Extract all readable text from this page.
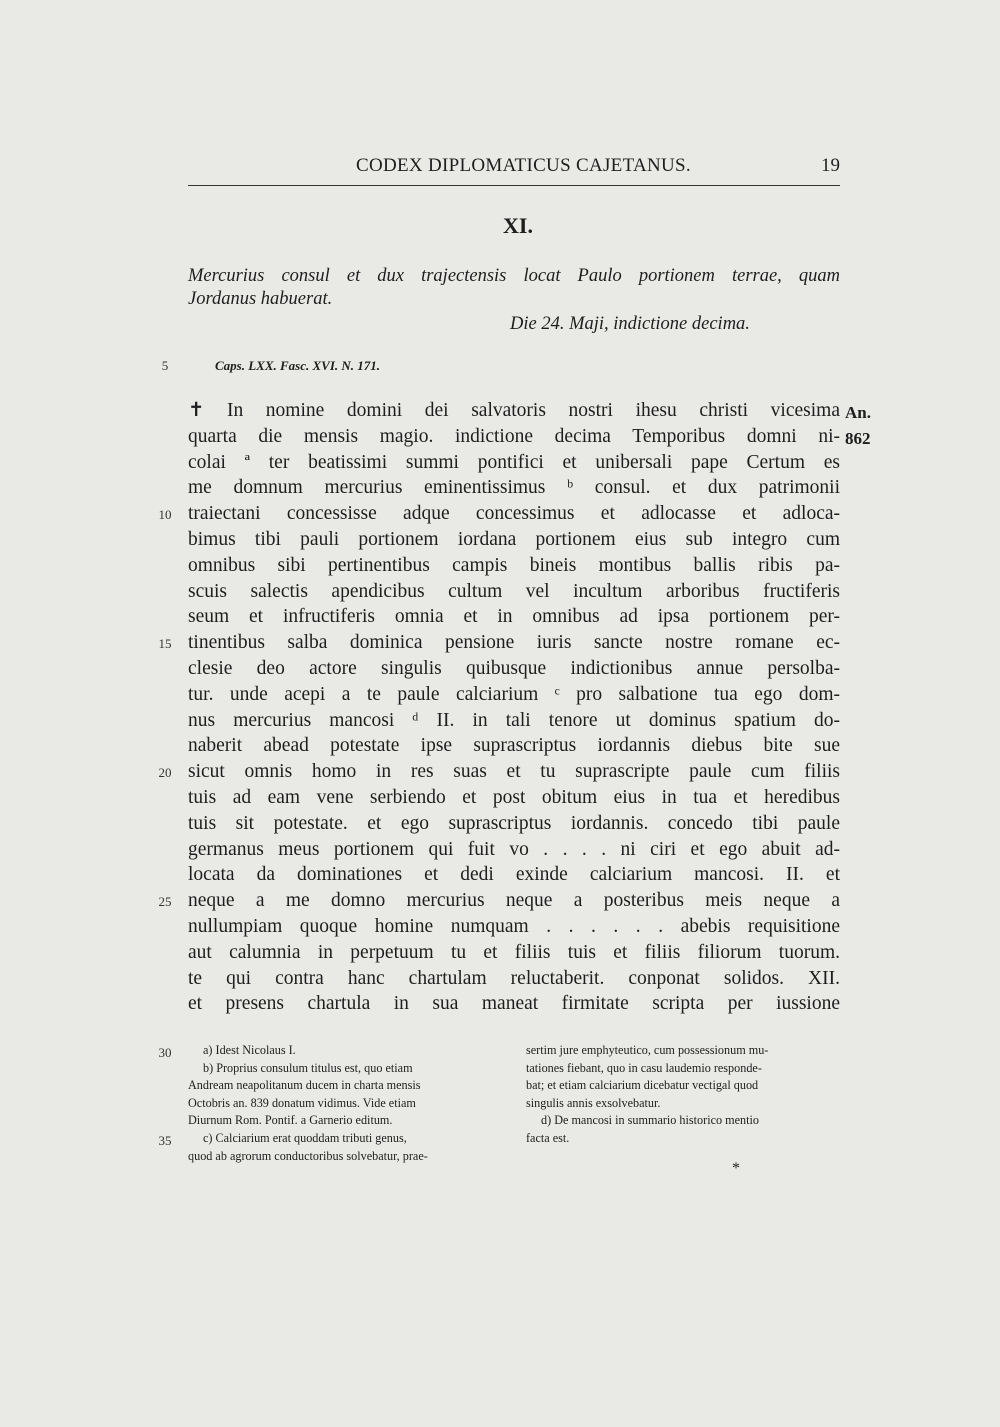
CODEX DIPLOMATICUS CAJETANUS.	19
XI.
Mercurius consul et dux trajectensis locat Paulo portionem terrae, quam
Jordanus habuerat.
Die 24. Maji, indictione decima.
Caps. LXX. Fasc. XVI. N. 171.
5
10
15
20
25
30
35
An.
862
✝ In nomine domini dei salvatoris nostri ihesu christi vicesima
quarta die mensis magio. indictione decima Temporibus domni ni-
colai ª ter beatissimi summi pontifici et unibersali pape Certum es
me domnum mercurius eminentissimus ᵇ consul. et dux patrimonii
traiectani concessisse adque concessimus et adlocasse et adloca-
bimus tibi pauli portionem iordana portionem eius sub integro cum
omnibus sibi pertinentibus campis bineis montibus ballis ribis pa-
scuis salectis apendicibus cultum vel incultum arboribus fructiferis
seum et infructiferis omnia et in omnibus ad ipsa portionem per-
tinentibus salba dominica pensione iuris sancte nostre romane ec-
clesie deo actore singulis quibusque indictionibus annue persolba-
tur. unde acepi a te paule calciarium ᶜ pro salbatione tua ego dom-
nus mercurius mancosi ᵈ II. in tali tenore ut dominus spatium do-
naberit abead potestate ipse suprascriptus iordannis diebus bite sue
sicut omnis homo in res suas et tu suprascripte paule cum filiis
tuis ad eam vene serbiendo et post obitum eius in tua et heredibus
tuis sit potestate. et ego suprascriptus iordannis. concedo tibi paule
germanus meus portionem qui fuit vo . . . . ni ciri et ego abuit ad-
locata da dominationes et dedi exinde calciarium mancosi. II. et
neque a me domno mercurius neque a posteribus meis neque a
nullumpiam quoque homine numquam . . . . . . abebis requisitione
aut calumnia in perpetuum tu et filiis tuis et filiis filiorum tuorum.
te qui contra hanc chartulam reluctaberit. conponat solidos. XII.
et presens chartula in sua maneat firmitate scripta per iussione
a) Idest Nicolaus I.
b) Proprius consulum titulus est, quo etiam
Andream neapolitanum ducem in charta mensis
Octobris an. 839 donatum vidimus. Vide etiam
Diurnum Rom. Pontif. a Garnerio editum.
c) Calciarium erat quoddam tributi genus,
quod ab agrorum conductoribus solvebatur, prae-
sertim jure emphyteutico, cum possessionum mu-
tationes fiebant, quo in casu laudemio responde-
bat; et etiam calciarium dicebatur vectigal quod
singulis annis exsolvebatur.
d) De mancosi in summario historico mentio
facta est.
*
